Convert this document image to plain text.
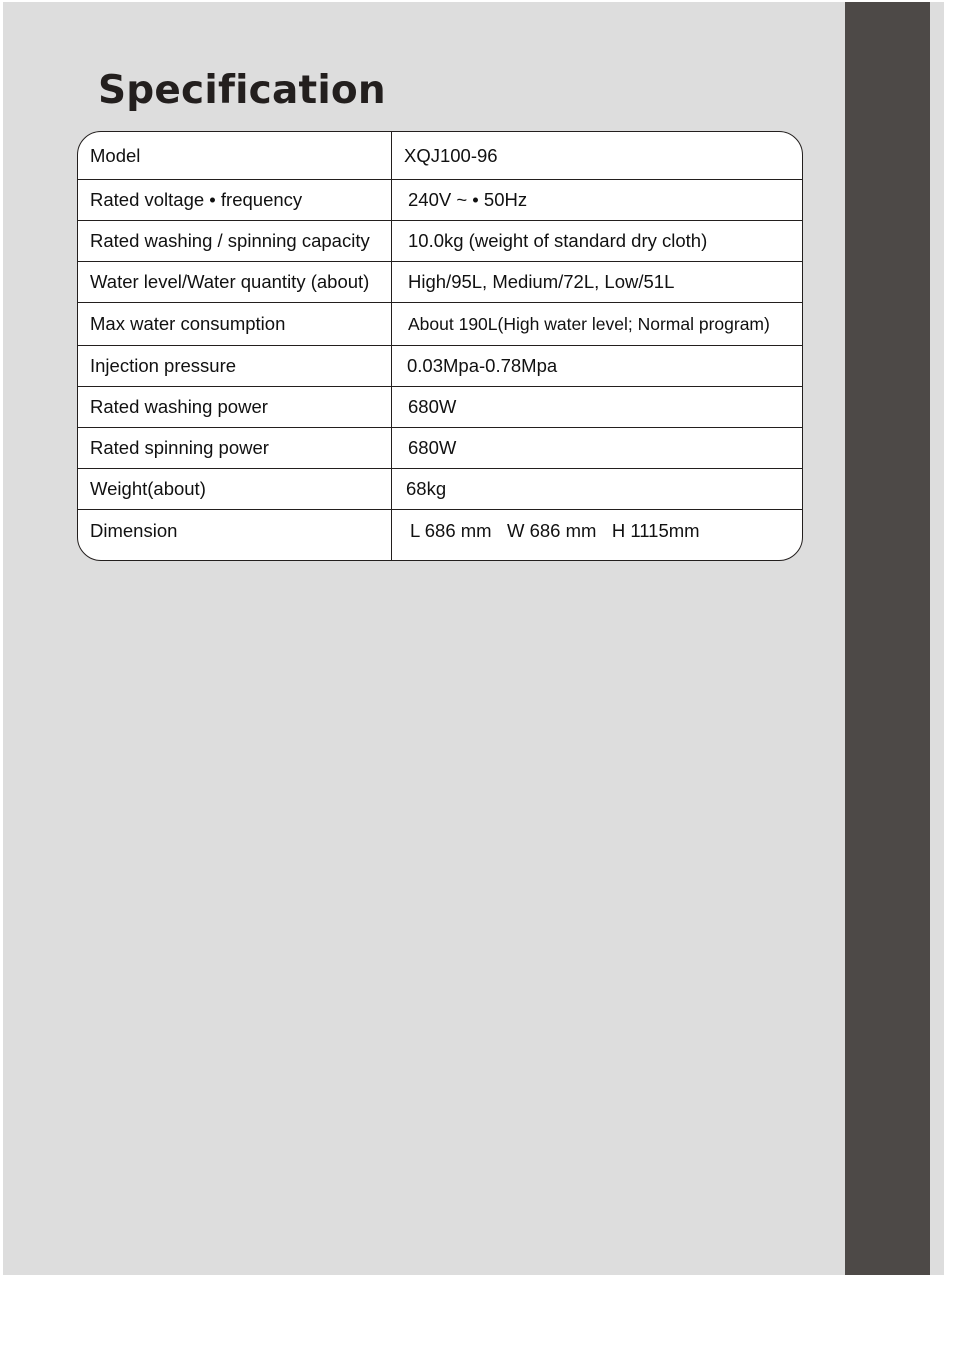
Specification
Model	XQJ100-96
Rated voltage • frequency	240V ~ • 50Hz
Rated washing / spinning capacity	10.0kg (weight of standard dry cloth)
Water level/Water quantity (about)	High/95L, Medium/72L, Low/51L
Max water consumption	About 190L(High water level; Normal program)
Injection pressure	0.03Mpa-0.78Mpa
Rated washing power	680W
Rated spinning power	680W
Weight(about)	68kg
Dimension	L 686 mm   W 686 mm   H 1115mm
